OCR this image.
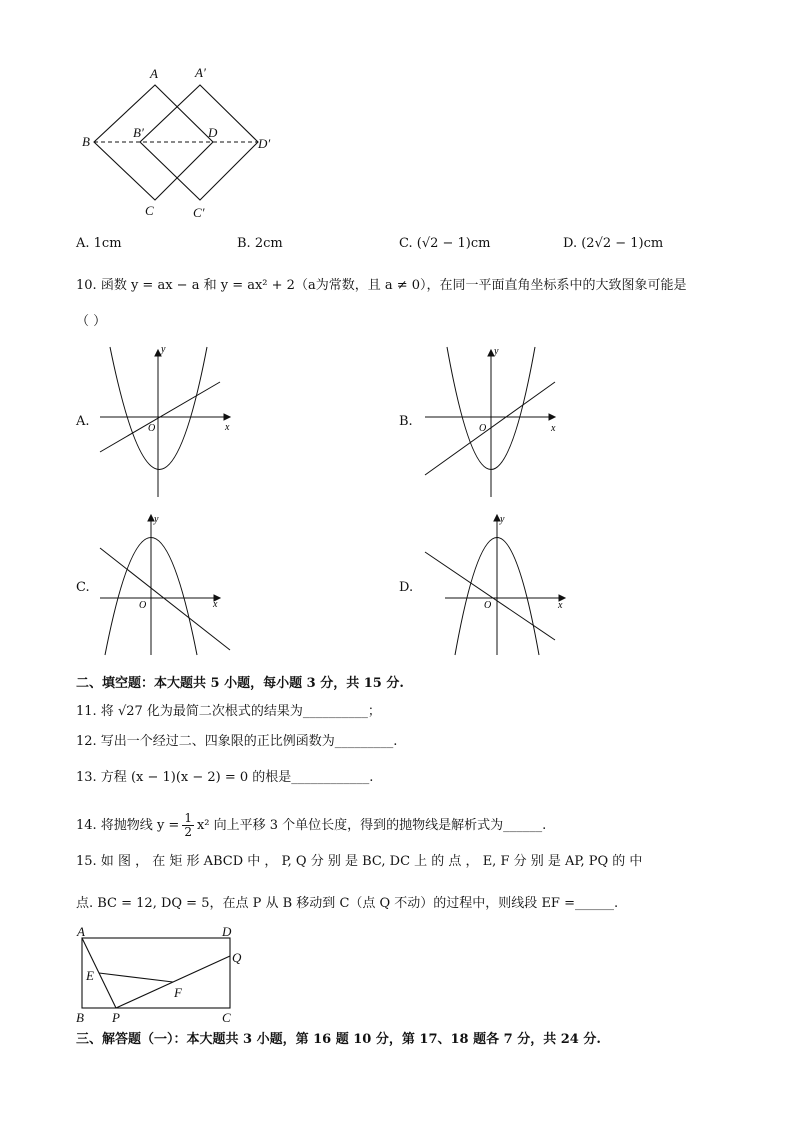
A	A′
B
B′	D
D′
C	C′
A. 1cm	B. 2cm	C. (√2 − 1)cm	D. (2√2 − 1)cm
10. 函数 y = ax − a 和 y = ax² + 2（a为常数，且 a ≠ 0），在同一平面直角坐标系中的大致图象可能是
（ ）
A.
y
x
O	B.
y
x
O
C.
y
x
O
D.
y
x
O
二、填空题：本大题共 5 小题，每小题 3 分，共 15 分.
11. 将 √27 化为最简二次根式的结果为__________；
12. 写出一个经过二、四象限的正比例函数为_________.
13. 方程 (x − 1)(x − 2) = 0 的根是____________.
14. 将抛物线 $y = \frac{1}{2} x^2$ 向上平移 3 个单位长度，得到的抛物线是解析式为______.
15. 如 图 ， 在 矩 形 ABCD 中 ， P, Q 分 别 是 BC, DC 上 的 点 ， E, F 分 别 是 AP, PQ 的 中
点. BC = 12, DQ = 5，在点 P 从 B 移动到 C（点 Q 不动）的过程中，则线段 EF =______.
A	D
Q
E
F
B P	C
三、解答题（一）：本大题共 3 小题，第 16 题 10 分，第 17、18 题各 7 分，共 24 分.
